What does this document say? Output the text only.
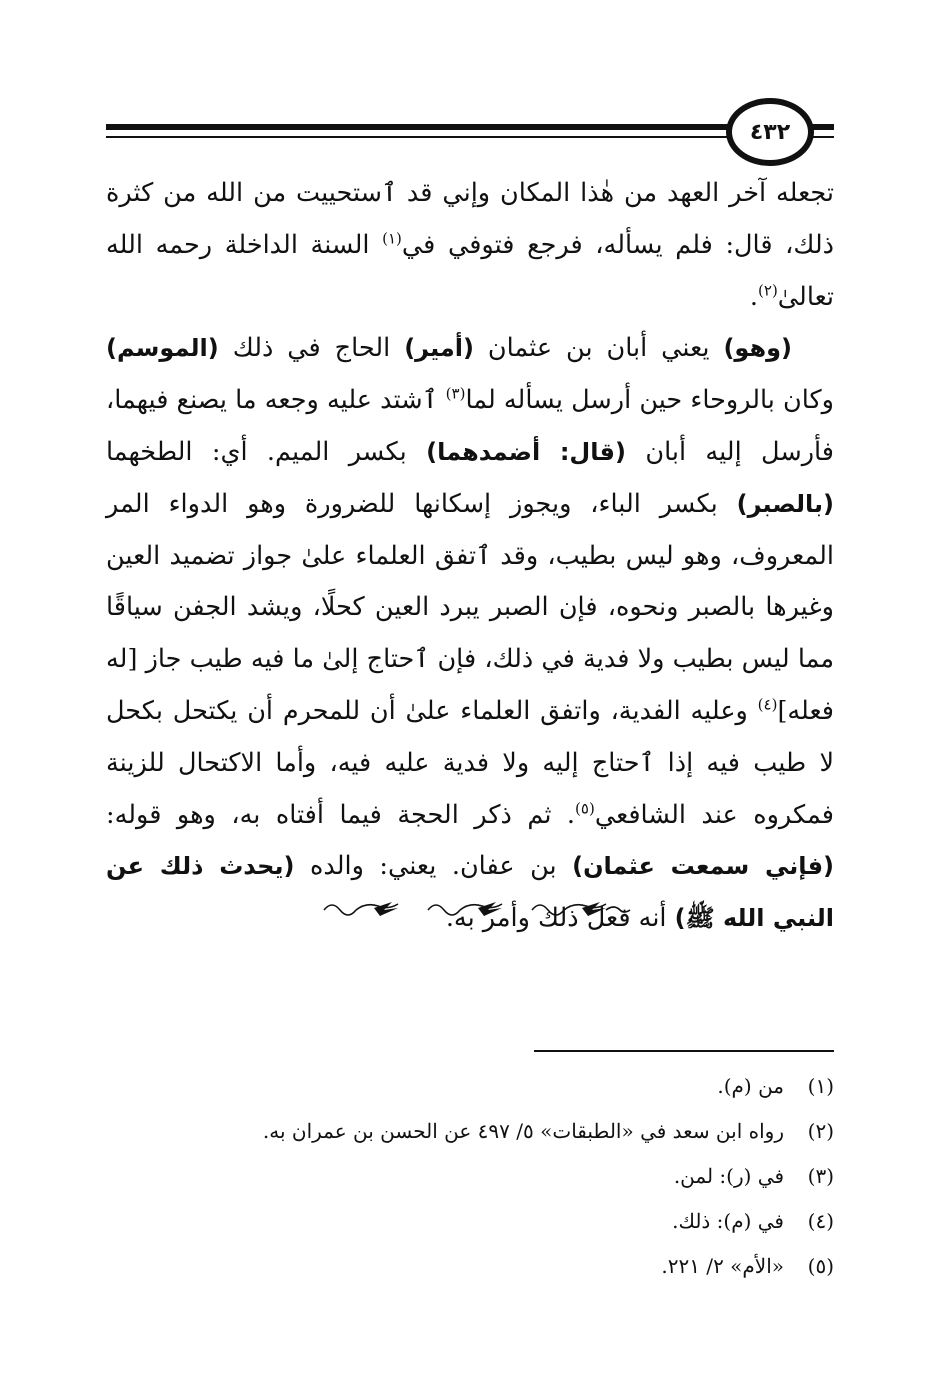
٤٣٢

تجعله آخر العهد من هٰذا المكان وإني قد ٱستحييت من الله من كثرة ذلك، قال: فلم يسأله، فرجع فتوفي في$^{(١)}$ السنة الداخلة رحمه الله تعالىٰ$^{(٢)}$.

(وهو) يعني أبان بن عثمان (أمير) الحاج في ذلك (الموسم) وكان بالروحاء حين أرسل يسأله لما$^{(٣)}$ ٱشتد عليه وجعه ما يصنع فيهما، فأرسل إليه أبان (قال: أضمدهما) بكسر الميم. أي: الطخهما (بالصبر) بكسر الباء، ويجوز إسكانها للضرورة وهو الدواء المر المعروف، وهو ليس بطيب، وقد ٱتفق العلماء علىٰ جواز تضميد العين وغيرها بالصبر ونحوه، فإن الصبر يبرد العين كحلًا، ويشد الجفن سياقًا مما ليس بطيب ولا فدية في ذلك، فإن ٱحتاج إلىٰ ما فيه طيب جاز [له فعله]$^{(٤)}$ وعليه الفدية، واتفق العلماء علىٰ أن للمحرم أن يكتحل بكحل لا طيب فيه إذا ٱحتاج إليه ولا فدية عليه فيه، وأما الاكتحال للزينة فمكروه عند الشافعي$^{(٥)}$. ثم ذكر الحجة فيما أفتاه به، وهو قوله: (فإني سمعت عثمان) بن عفان. يعني: والده (يحدث ذلك عن النبي الله ﷺ) أنه فعل ذلك وأمر به.

(١)
من (م).
(٢)
رواه ابن سعد في «الطبقات» ٥/ ٤٩٧ عن الحسن بن عمران به.
(٣)
في (ر): لمن.
(٤)
في (م): ذلك.
(٥)
«الأم» ٢/ ٢٢١.
